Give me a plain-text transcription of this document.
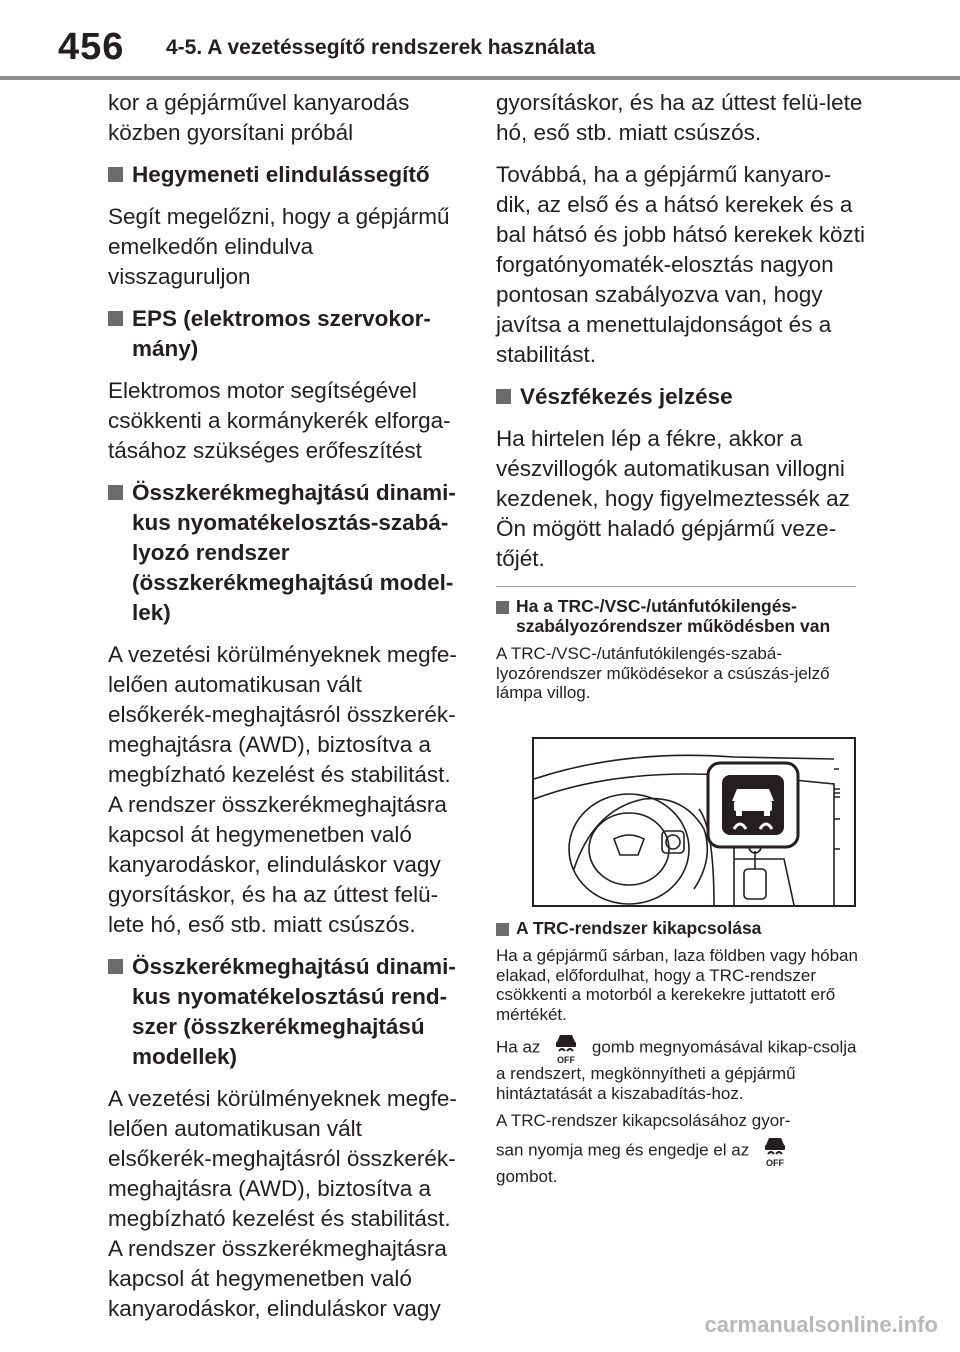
456 4-5. A vezetéssegítő rendszerek használata

kor a gépjárművel kanyarodás közben gyorsítani próbál

Hegymeneti elindulássegítő

Segít megelőzni, hogy a gépjármű emelkedőn elindulva visszaguruljon

EPS (elektromos szervokor-mány)

Elektromos motor segítségével csökkenti a kormánykerék elforga-tásához szükséges erőfeszítést

Összkerékmeghajtású dinami-kus nyomatékelosztás-szabá-lyozó rendszer (összkerékmeghajtású model-lek)

A vezetési körülményeknek megfe-lelően automatikusan vált elsőkerék-meghajtásról összkerék-meghajtásra (AWD), biztosítva a megbízható kezelést és stabilitást. A rendszer összkerékmeghajtásra kapcsol át hegymenetben való kanyarodáskor, elinduláskor vagy gyorsításkor, és ha az úttest felü-lete hó, eső stb. miatt csúszós.

Összkerékmeghajtású dinami-kus nyomatékelosztású rend-szer (összkerékmeghajtású modellek)

A vezetési körülményeknek megfe-lelően automatikusan vált elsőkerék-meghajtásról összkerék-meghajtásra (AWD), biztosítva a megbízható kezelést és stabilitást. A rendszer összkerékmeghajtásra kapcsol át hegymenetben való kanyarodáskor, elinduláskor vagy

gyorsításkor, és ha az úttest felü-lete hó, eső stb. miatt csúszós.

Továbbá, ha a gépjármű kanyaro-dik, az első és a hátsó kerekek és a bal hátsó és jobb hátsó kerekek közti forgatónyomaték-elosztás nagyon pontosan szabályozva van, hogy javítsa a menettulajdonságot és a stabilitást.

Vészfékezés jelzése

Ha hirtelen lép a fékre, akkor a vészvillogók automatikusan villogni kezdenek, hogy figyelmeztessék az Ön mögött haladó gépjármű veze-tőjét.

Ha a TRC-/VSC-/utánfutókilengés-szabályozórendszer működésben van

A TRC-/VSC-/utánfutókilengés-szabá-lyozórendszer működésekor a csúszás-jelző lámpa villog.

A TRC-rendszer kikapcsolása

Ha a gépjármű sárban, laza földben vagy hóban elakad, előfordulhat, hogy a TRC-rendszer csökkenti a motorból a kerekekre juttatott erő mértékét.

Ha az
OFF
gomb megnyomásával kikap-csolja a rendszert, megkönnyítheti a gépjármű hintáztatását a kiszabadítás-hoz.

A TRC-rendszer kikapcsolásához gyor-

san nyomja meg és engedje el az
OFF

gombot.

carmanualsonline.info
